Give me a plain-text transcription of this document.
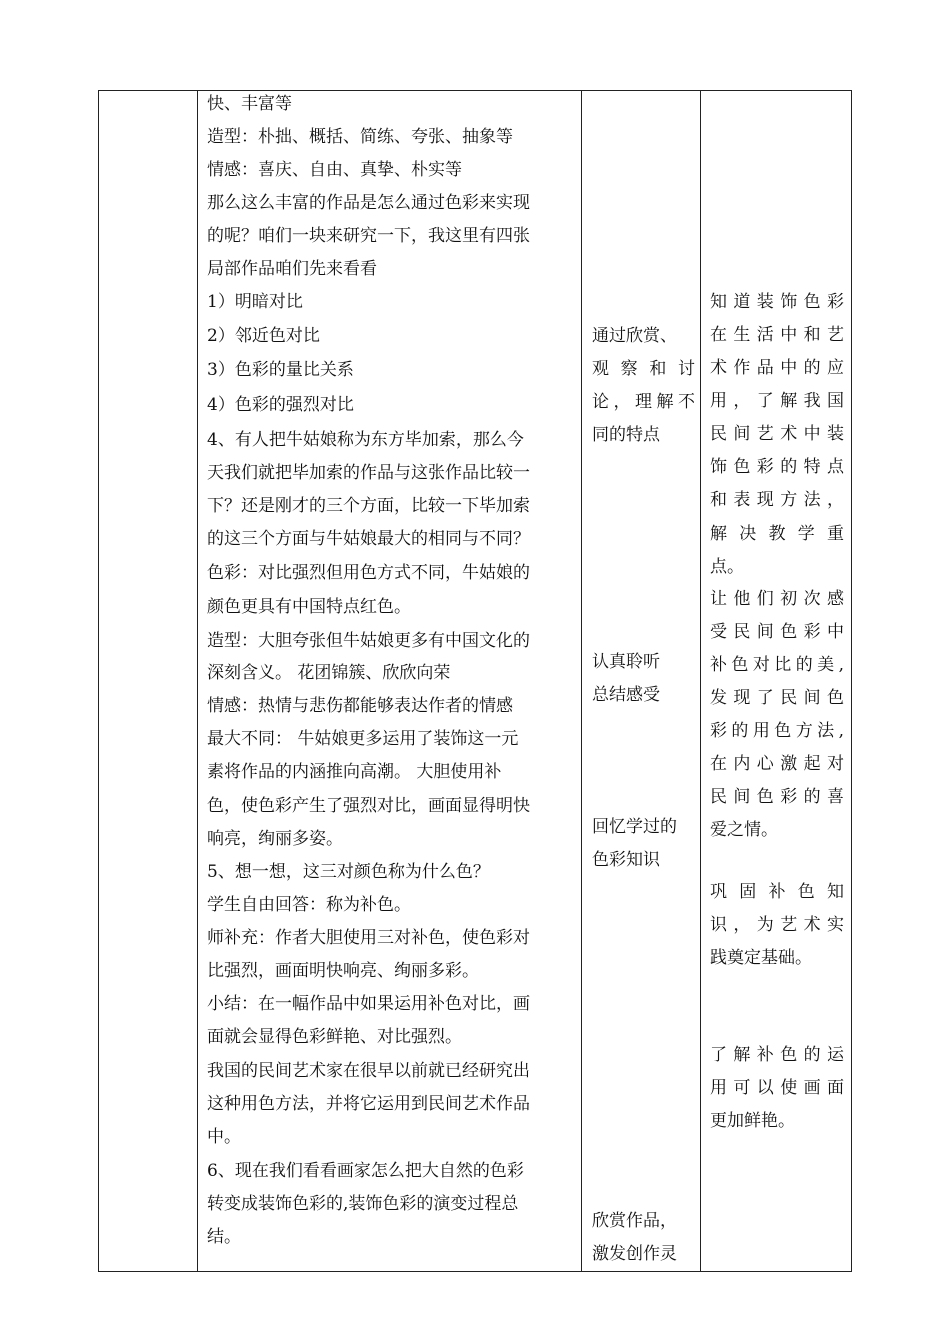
快、丰富等
造型：朴拙、概括、简练、夸张、抽象等
情感：喜庆、自由、真挚、朴实等
那么这么丰富的作品是怎么通过色彩来实现
的呢？咱们一块来研究一下，我这里有四张
局部作品咱们先来看看
1）明暗对比
2）邻近色对比
3）色彩的量比关系
4）色彩的强烈对比
4、有人把牛姑娘称为东方毕加索，那么今
天我们就把毕加索的作品与这张作品比较一
下？还是刚才的三个方面，比较一下毕加索
的这三个方面与牛姑娘最大的相同与不同？
色彩：对比强烈但用色方式不同，牛姑娘的
颜色更具有中国特点红色。
造型：大胆夸张但牛姑娘更多有中国文化的
深刻含义。 花团锦簇、欣欣向荣
情感：热情与悲伤都能够表达作者的情感
最大不同： 牛姑娘更多运用了装饰这一元
素将作品的内涵推向高潮。 大胆使用补
色，使色彩产生了强烈对比，画面显得明快
响亮，绚丽多姿。
5、想一想，这三对颜色称为什么色？
学生自由回答：称为补色。
师补充：作者大胆使用三对补色，使色彩对
比强烈，画面明快响亮、绚丽多彩。
小结：在一幅作品中如果运用补色对比，画
面就会显得色彩鲜艳、对比强烈。
我国的民间艺术家在很早以前就已经研究出
这种用色方法，并将它运用到民间艺术作品
中。
6、现在我们看看画家怎么把大自然的色彩
转变成装饰色彩的,装饰色彩的演变过程总
结。
通过欣赏、
观察和讨
论，理解不
同的特点
认真聆听
总结感受
回忆学过的
色彩知识
欣赏作品，
激发创作灵
知道装饰色彩
在生活中和艺
术作品中的应
用，了解我国
民间艺术中装
饰色彩的特点
和表现方法，
解决教学重
点。
让他们初次感
受民间色彩中
补色对比的美,
发现了民间色
彩的用色方法,
在内心激起对
民间色彩的喜
爱之情。
巩固补色知
识，为艺术实
践奠定基础。
了解补色的运
用可以使画面
更加鲜艳。
